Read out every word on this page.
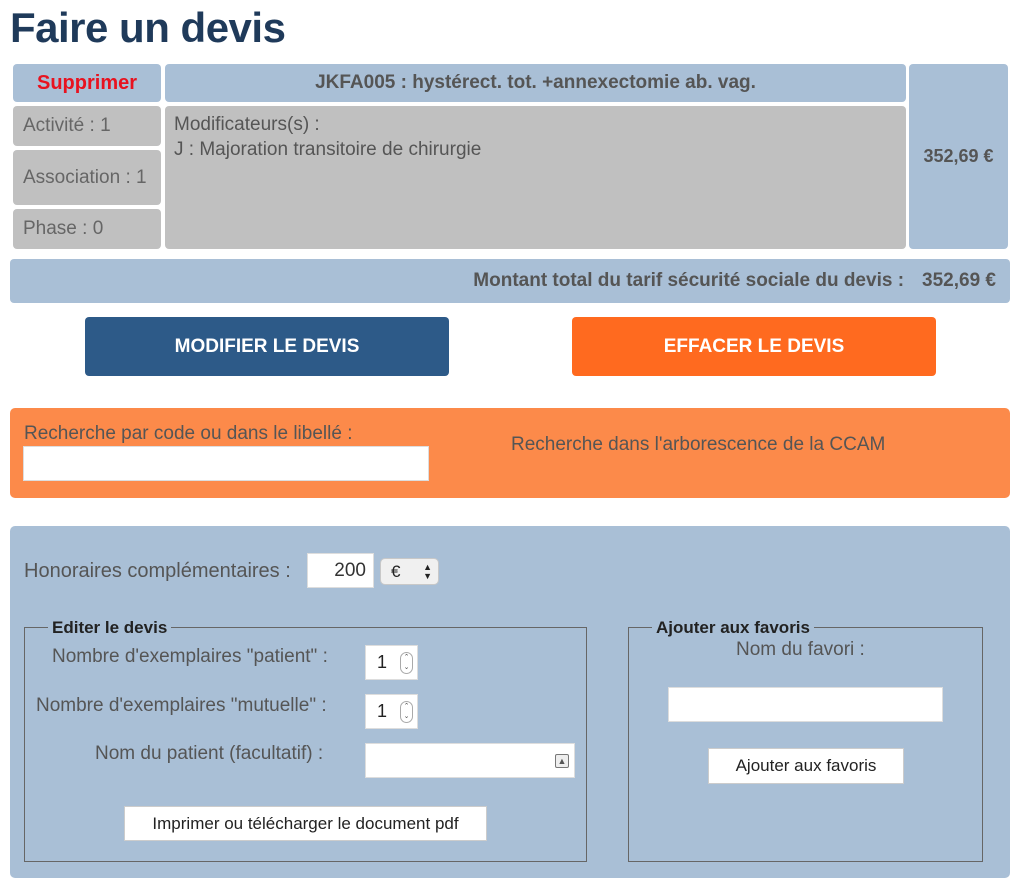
Faire un devis
Supprimer	JKFA005 : hystérect. tot. +annexectomie ab. vag.
352,69 €
Activité : 1
Association : 1
Phase : 0
Modificateurs(s) :
J : Majoration transitoire de chirurgie
Montant total du tarif sécurité sociale du devis : 352,69 €
MODIFIER LE DEVIS	EFFACER LE DEVIS
Recherche par code ou dans le libellé :
Recherche dans l'arborescence de la CCAM
Honoraires complémentaires :	200	€	▲
▼
Editer le devis
Nombre d'exemplaires "patient" :	1	⌃
⌄
Nombre d'exemplaires "mutuelle" :	1	⌃
⌄
Nom du patient (facultatif) :	▲
Imprimer ou télécharger le document pdf
Ajouter aux favoris
Nom du favori :
Ajouter aux favoris
